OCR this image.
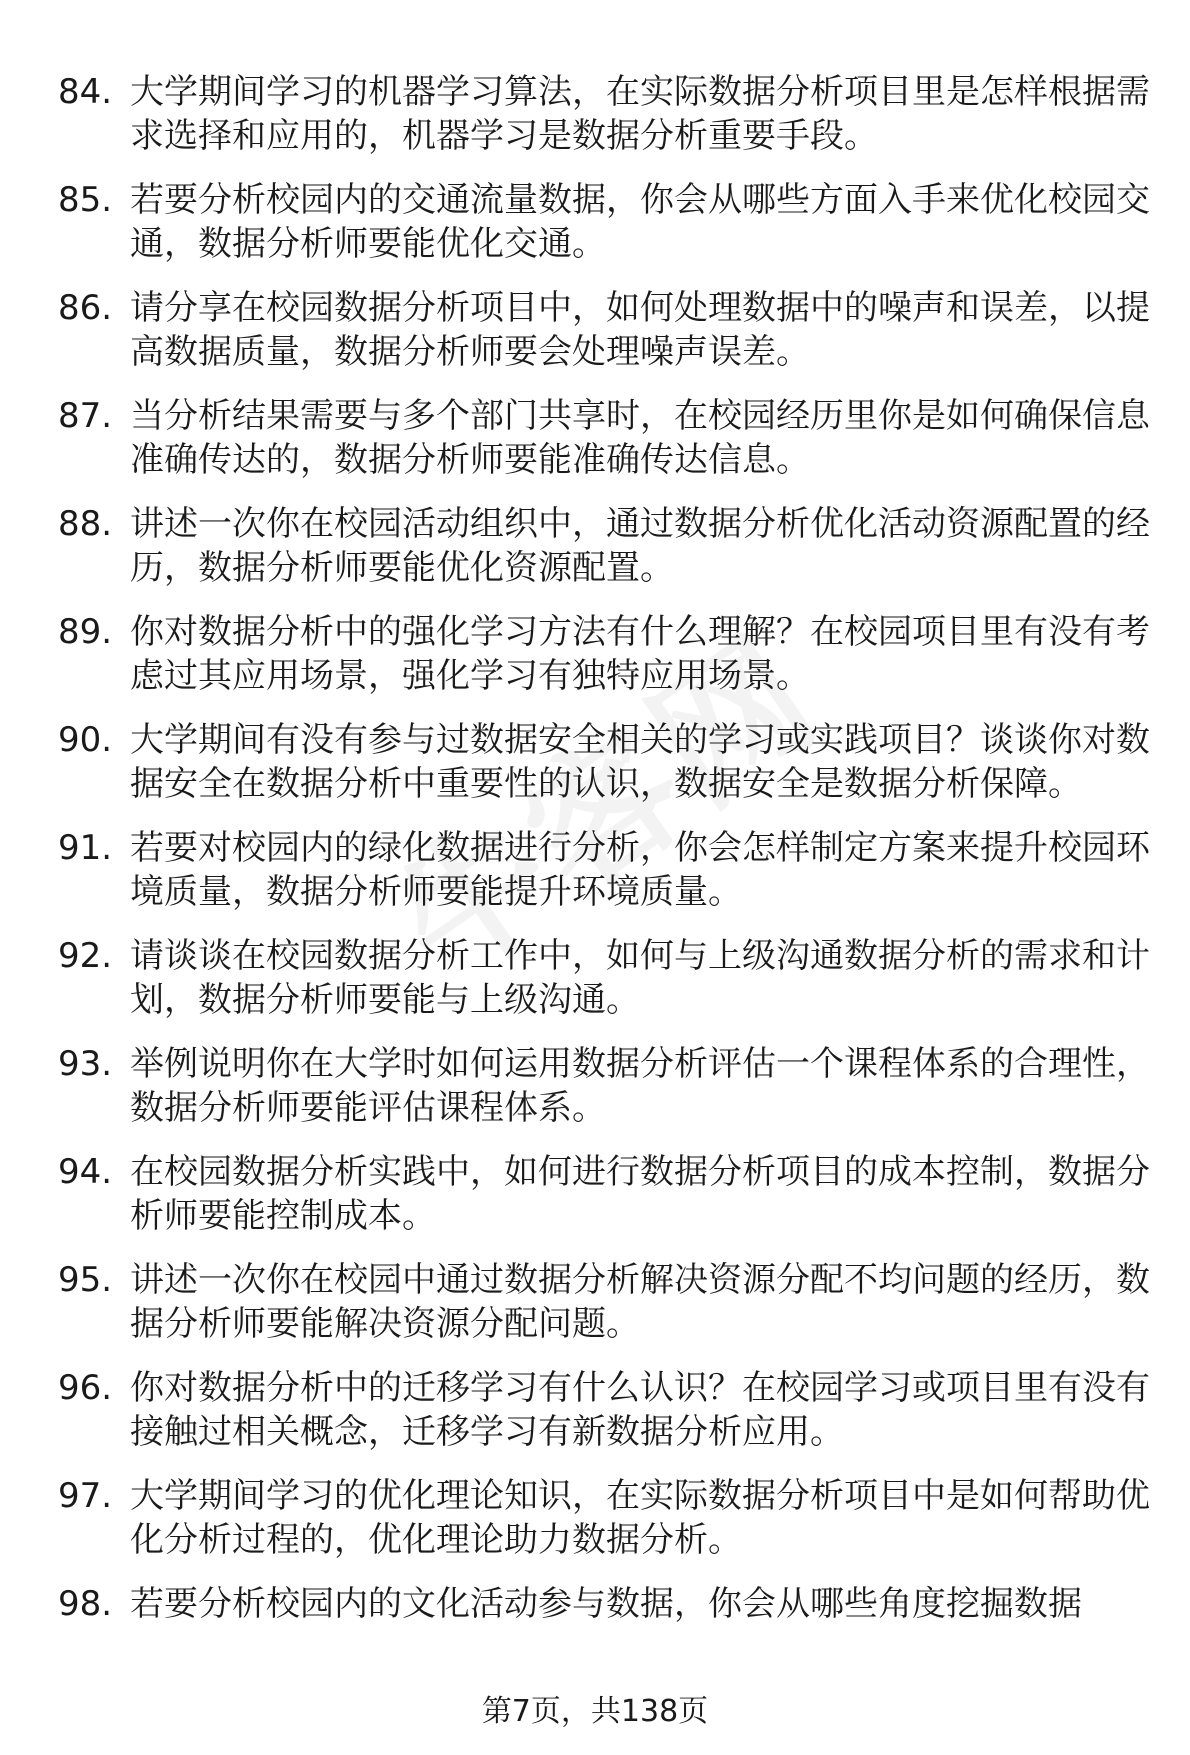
84. 大学期间学习的机器学习算法，在实际数据分析项目里是怎样根据需求选择和应用的，机器学习是数据分析重要手段。
85. 若要分析校园内的交通流量数据，你会从哪些方面入手来优化校园交通，数据分析师要能优化交通。
86. 请分享在校园数据分析项目中，如何处理数据中的噪声和误差，以提高数据质量，数据分析师要会处理噪声误差。
87. 当分析结果需要与多个部门共享时，在校园经历里你是如何确保信息准确传达的，数据分析师要能准确传达信息。
88. 讲述一次你在校园活动组织中，通过数据分析优化活动资源配置的经历，数据分析师要能优化资源配置。
89. 你对数据分析中的强化学习方法有什么理解？在校园项目里有没有考虑过其应用场景，强化学习有独特应用场景。
90. 大学期间有没有参与过数据安全相关的学习或实践项目？谈谈你对数据安全在数据分析中重要性的认识，数据安全是数据分析保障。
91. 若要对校园内的绿化数据进行分析，你会怎样制定方案来提升校园环境质量，数据分析师要能提升环境质量。
92. 请谈谈在校园数据分析工作中，如何与上级沟通数据分析的需求和计划，数据分析师要能与上级沟通。
93. 举例说明你在大学时如何运用数据分析评估一个课程体系的合理性，数据分析师要能评估课程体系。
94. 在校园数据分析实践中，如何进行数据分析项目的成本控制，数据分析师要能控制成本。
95. 讲述一次你在校园中通过数据分析解决资源分配不均问题的经历，数据分析师要能解决资源分配问题。
96. 你对数据分析中的迁移学习有什么认识？在校园学习或项目里有没有接触过相关概念，迁移学习有新数据分析应用。
97. 大学期间学习的优化理论知识，在实际数据分析项目中是如何帮助优化分析过程的，优化理论助力数据分析。
98. 若要分析校园内的文化活动参与数据，你会从哪些角度挖掘数据
第7页，共138页
